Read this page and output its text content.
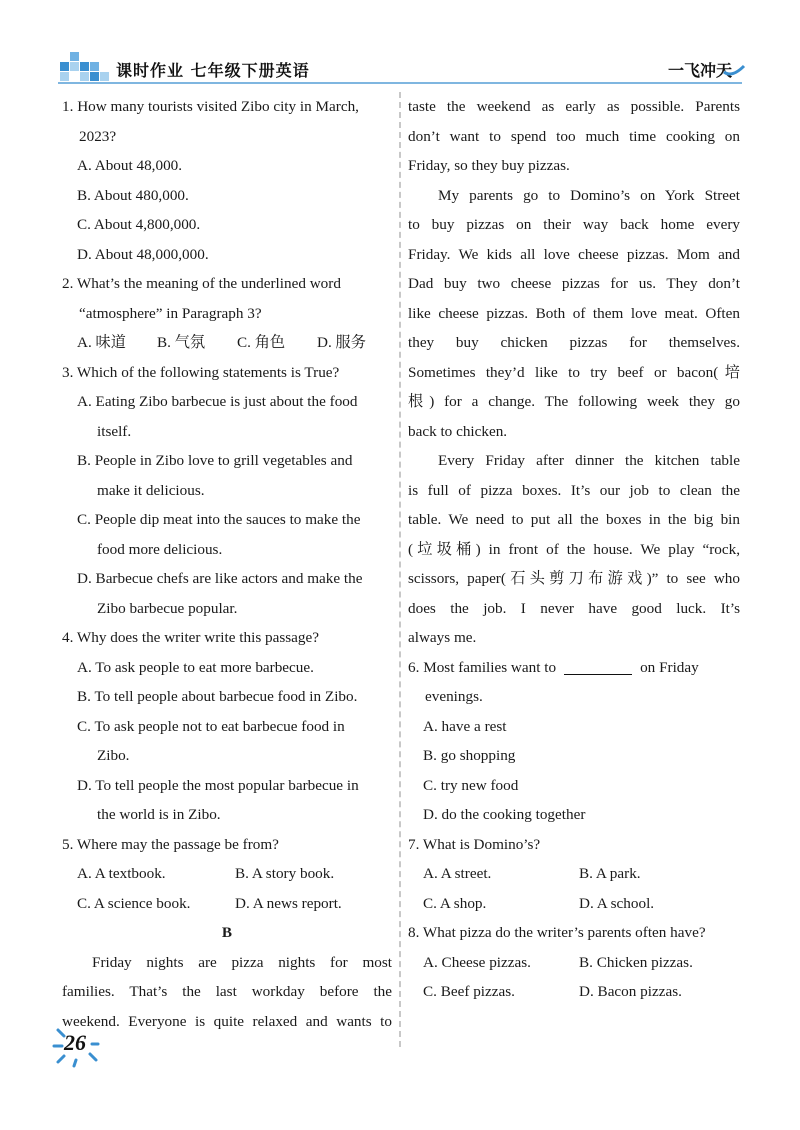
课时作业 七年级下册英语	一飞冲天
1. How many tourists visited Zibo city in March,
2023?
A. About 48,000.
B. About 480,000.
C. About 4,800,000.
D. About 48,000,000.
2. What’s the meaning of the underlined word
“atmosphere” in Paragraph 3?
A. 味道	B. 气氛	C. 角色	D. 服务
3. Which of the following statements is True?
A. Eating Zibo barbecue is just about the food
itself.
B. People in Zibo love to grill vegetables and
make it delicious.
C. People dip meat into the sauces to make the
food more delicious.
D. Barbecue chefs are like actors and make the
Zibo barbecue popular.
4. Why does the writer write this passage?
A. To ask people to eat more barbecue.
B. To tell people about barbecue food in Zibo.
C. To ask people not to eat barbecue food in
Zibo.
D. To tell people the most popular barbecue in
the world is in Zibo.
5. Where may the passage be from?
A. A textbook.	B. A story book.
C. A science book.	D. A news report.
B
Friday nights are pizza nights for most
families. That’s the last workday before the
weekend. Everyone is quite relaxed and wants to
taste the weekend as early as possible. Parents
don’t want to spend too much time cooking on
Friday, so they buy pizzas.
My parents go to Domino’s on York Street
to buy pizzas on their way back home every
Friday. We kids all love cheese pizzas. Mom and
Dad buy two cheese pizzas for us. They don’t
like cheese pizzas. Both of them love meat. Often
they buy chicken pizzas for themselves.
Sometimes they’d like to try beef or bacon(培
根) for a change. The following week they go
back to chicken.
Every Friday after dinner the kitchen table
is full of pizza boxes. It’s our job to clean the
table. We need to put all the boxes in the big bin
(垃圾桶) in front of the house. We play “rock,
scissors, paper(石头剪刀布游戏)” to see who
does the job. I never have good luck. It’s
always me.
6. Most families want to	on Friday
evenings.
A. have a rest
B. go shopping
C. try new food
D. do the cooking together
7. What is Domino’s?
A. A street.	B. A park.
C. A shop.	D. A school.
8. What pizza do the writer’s parents often have?
A. Cheese pizzas.	B. Chicken pizzas.
C. Beef pizzas.	D. Bacon pizzas.
26
